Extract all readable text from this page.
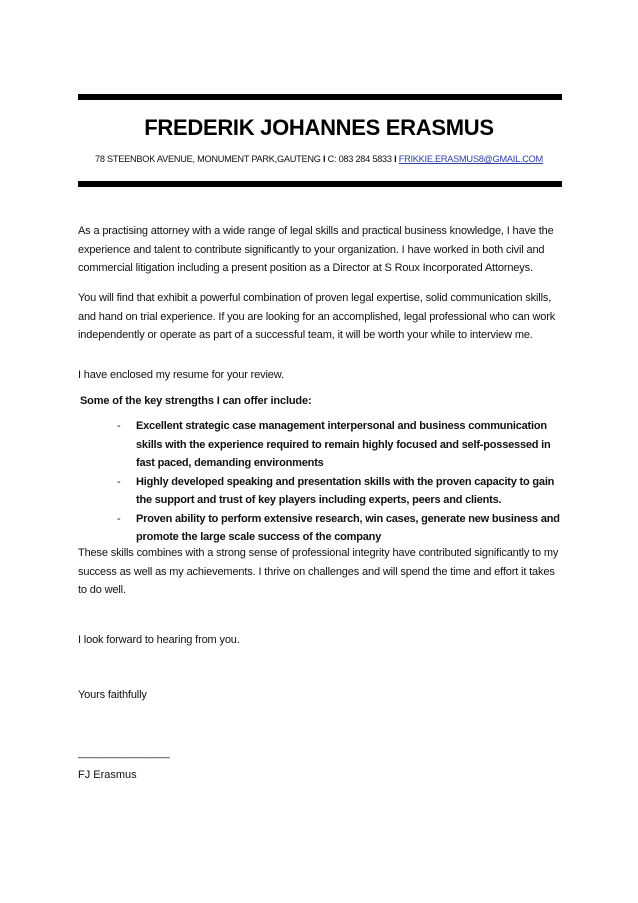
FREDERIK JOHANNES ERASMUS
78 STEENBOK AVENUE, MONUMENT PARK,GAUTENG I C: 083 284 5833 I FRIKKIE.ERASMUS8@GMAIL.COM
As a practising attorney with a wide range of legal skills and practical business knowledge, I have the experience and talent to contribute significantly to your organization. I have worked in both civil and commercial litigation including a present position as a Director at S Roux Incorporated Attorneys.
You will find that exhibit a powerful combination of proven legal expertise, solid communication skills, and hand on trial experience. If you are looking for an accomplished, legal professional who can work independently or operate as part of a successful team, it will be worth your while to interview me.
I have enclosed my resume for your review.
Some of the key strengths I can offer include:
- Excellent strategic case management interpersonal and business communication skills with the experience required to remain highly focused and self-possessed in fast paced, demanding environments
- Highly developed speaking and presentation skills with the proven capacity to gain the support and trust of key players including experts, peers and clients.
- Proven ability to perform extensive research, win cases, generate new business and promote the large scale success of the company
These skills combines with a strong sense of professional integrity have contributed significantly to my success as well as my achievements. I thrive on challenges and will spend the time and effort it takes to do well.
I look forward to hearing from you.
Yours faithfully
_______________
FJ Erasmus
